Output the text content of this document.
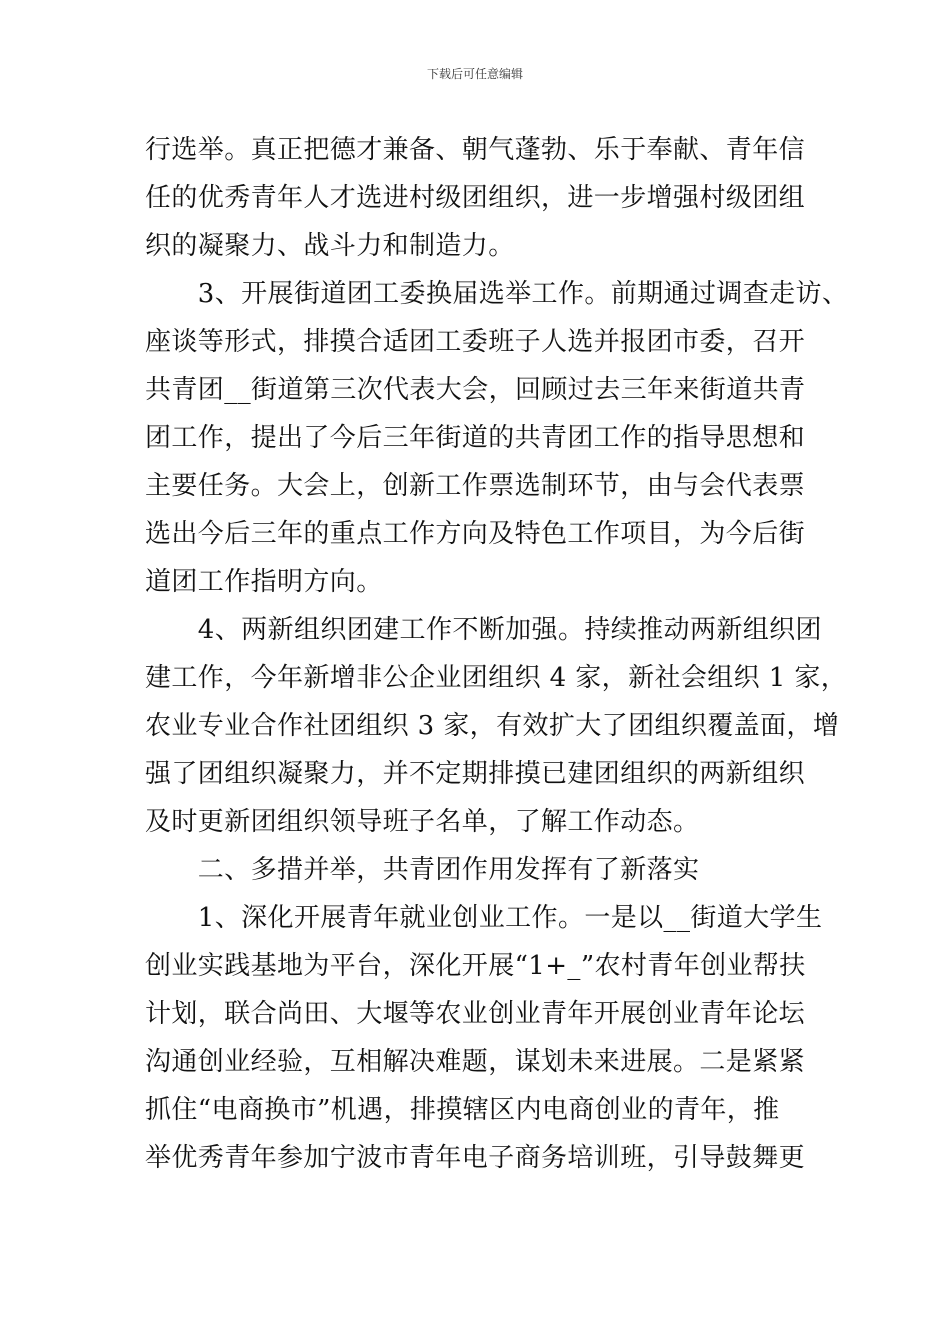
下载后可任意编辑
行选举。真正把德才兼备、朝气蓬勃、乐于奉献、青年信
任的优秀青年人才选进村级团组织，进一步增强村级团组
织的凝聚力、战斗力和制造力。
　　3、开展街道团工委换届选举工作。前期通过调查走访、
座谈等形式，排摸合适团工委班子人选并报团市委，召开
共青团__街道第三次代表大会，回顾过去三年来街道共青
团工作，提出了今后三年街道的共青团工作的指导思想和
主要任务。大会上，创新工作票选制环节，由与会代表票
选出今后三年的重点工作方向及特色工作项目，为今后街
道团工作指明方向。
　　4、两新组织团建工作不断加强。持续推动两新组织团
建工作，今年新增非公企业团组织 4 家，新社会组织 1 家，
农业专业合作社团组织 3 家，有效扩大了团组织覆盖面，增
强了团组织凝聚力，并不定期排摸已建团组织的两新组织
及时更新团组织领导班子名单，了解工作动态。
　　二、多措并举，共青团作用发挥有了新落实
　　1、深化开展青年就业创业工作。一是以__街道大学生
创业实践基地为平台，深化开展“1+_”农村青年创业帮扶
计划，联合尚田、大堰等农业创业青年开展创业青年论坛
沟通创业经验，互相解决难题，谋划未来进展。二是紧紧
抓住“电商换市”机遇，排摸辖区内电商创业的青年，推
举优秀青年参加宁波市青年电子商务培训班，引导鼓舞更
